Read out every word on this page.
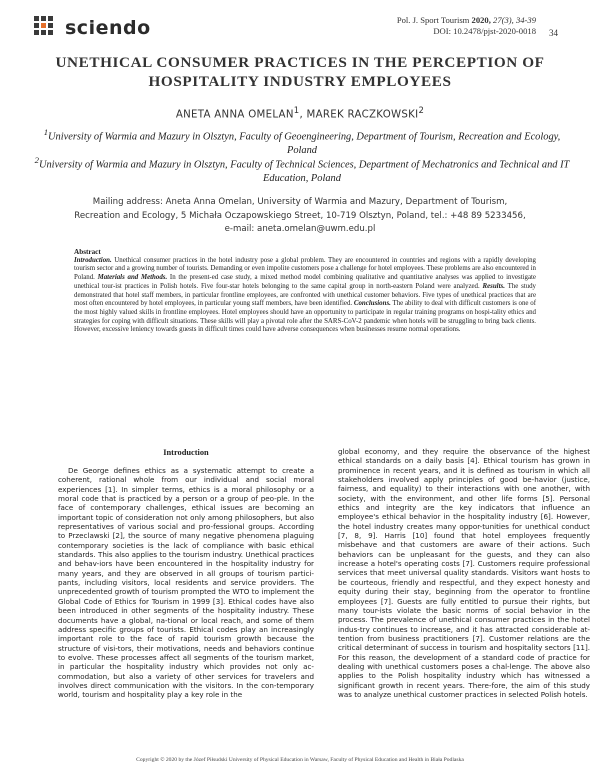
sciendo	Pol. J. Sport Tourism 2020, 27(3), 34-39
DOI: 10.2478/pjst-2020-0018 34
UNETHICAL CONSUMER PRACTICES IN THE PERCEPTION OF HOSPITALITY INDUSTRY EMPLOYEES
ANETA ANNA OMELAN$^1$, MAREK RACZKOWSKI$^2$
$^1$University of Warmia and Mazury in Olsztyn, Faculty of Geoengineering, Department of Tourism, Recreation and Ecology, Poland
$^2$University of Warmia and Mazury in Olsztyn, Faculty of Technical Sciences, Department of Mechatronics and Technical and IT Education, Poland
Mailing address: Aneta Anna Omelan, University of Warmia and Mazury, Department of Tourism,
Recreation and Ecology, 5 Michała Oczapowskiego Street, 10-719 Olsztyn, Poland, tel.: +48 89 5233456,
e-mail: aneta.omelan@uwm.edu.pl
Abstract
Introduction. Unethical consumer practices in the hotel industry pose a global problem. They are encountered in countries and regions with a rapidly developing tourism sector and a growing number of tourists. Demanding or even impolite customers pose a challenge for hotel employees. These problems are also encountered in Poland. Materials and Methods. In the present-ed case study, a mixed method model combining qualitative and quantitative analyses was applied to investigate unethical tour-ist practices in Polish hotels. Five four-star hotels belonging to the same capital group in north-eastern Poland were analyzed. Results. The study demonstrated that hotel staff members, in particular frontline employees, are confronted with unethical customer behaviors. Five types of unethical practices that are most often encountered by hotel employees, in particular young staff members, have been identified. Conclusions. The ability to deal with difficult customers is one of the most highly valued skills in frontline employees. Hotel employees should have an opportunity to participate in regular training programs on hospi-tality ethics and strategies for coping with difficult situations. These skills will play a pivotal role after the SARS-CoV-2 pandemic when hotels will be struggling to bring back clients. However, excessive leniency towards guests in difficult times could have adverse consequences when businesses resume normal operations.
Introduction

De George defines ethics as a systematic attempt to create a coherent, rational whole from our individual and social moral experiences [1]. In simpler terms, ethics is a moral philosophy or a moral code that is practiced by a person or a group of peo-ple. In the face of contemporary challenges, ethical issues are becoming an important topic of consideration not only among philosophers, but also representatives of various social and pro-fessional groups. According to Przeclawski [2], the source of many negative phenomena plaguing contemporary societies is the lack of compliance with basic ethical standards. This also applies to the tourism industry. Unethical practices and behav-iors have been encountered in the hospitality industry for many years, and they are observed in all groups of tourism partici-pants, including visitors, local residents and service providers. The unprecedented growth of tourism prompted the WTO to implement the Global Code of Ethics for Tourism in 1999 [3]. Ethical codes have also been introduced in other segments of the hospitality industry. These documents have a global, na-tional or local reach, and some of them address specific groups of tourists. Ethical codes play an increasingly important role to the face of rapid tourism growth because the structure of visi-tors, their motivations, needs and behaviors continue to evolve. These processes affect all segments of the tourism market, in particular the hospitality industry which provides not only ac-commodation, but also a variety of other services for travelers and involves direct communication with the visitors. In the con-temporary world, tourism and hospitality play a key role in the

global economy, and they require the observance of the highest ethical standards on a daily basis [4]. Ethical tourism has grown in prominence in recent years, and it is defined as tourism in which all stakeholders involved apply principles of good be-havior (justice, fairness, and equality) to their interactions with one another, with society, with the environment, and other life forms [5]. Personal ethics and integrity are the key indicators that influence an employee's ethical behavior in the hospitality industry [6]. However, the hotel industry creates many oppor-tunities for unethical conduct [7, 8, 9]. Harris [10] found that hotel employees frequently misbehave and that customers are aware of their actions. Such behaviors can be unpleasant for the guests, and they can also increase a hotel's operating costs [7]. Customers require professional services that meet universal quality standards. Visitors want hosts to be courteous, friendly and respectful, and they expect honesty and equity during their stay, beginning from the operator to frontline employees [7]. Guests are fully entitled to pursue their rights, but many tour-ists violate the basic norms of social behavior in the process. The prevalence of unethical consumer practices in the hotel indus-try continues to increase, and it has attracted considerable at-tention from business practitioners [7]. Customer relations are the critical determinant of success in tourism and hospitality sectors [11]. For this reason, the development of a standard code of practice for dealing with unethical customers poses a chal-lenge. The above also applies to the Polish hospitality industry which has witnessed a significant growth in recent years. There-fore, the aim of this study was to analyze unethical customer practices in selected Polish hotels.

Copyright © 2020 by the Józef Piłsudski University of Physical Education in Warsaw, Faculty of Physical Education and Health in Biała Podlaska
